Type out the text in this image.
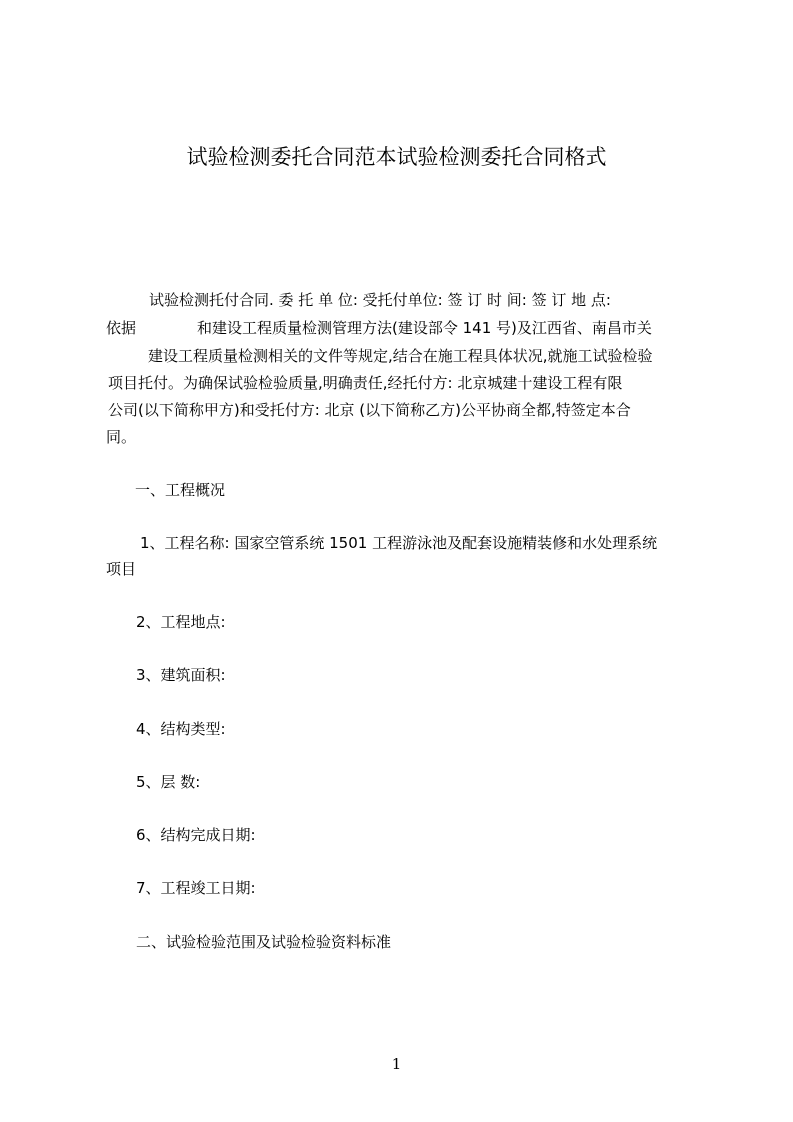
试验检测委托合同范本试验检测委托合同格式
试验检测托付合同. 委 托 单 位: 受托付单位: 签 订 时 间: 签 订 地 点:
依据	和建设工程质量检测管理方法(建设部令 141 号)及江西省、南昌市关
建设工程质量检测相关的文件等规定,结合在施工程具体状况,就施工试验检验
项目托付。为确保试验检验质量,明确责任,经托付方: 北京城建十建设工程有限
公司(以下简称甲方)和受托付方: 北京 (以下简称乙方)公平协商全都,特签定本合
同。
一、工程概况
1、工程名称: 国家空管系统 1501 工程游泳池及配套设施精装修和水处理系统
项目
2、工程地点:
3、建筑面积:
4、结构类型:
5、层 数:
6、结构完成日期:
7、工程竣工日期:
二、试验检验范围及试验检验资料标准
1
